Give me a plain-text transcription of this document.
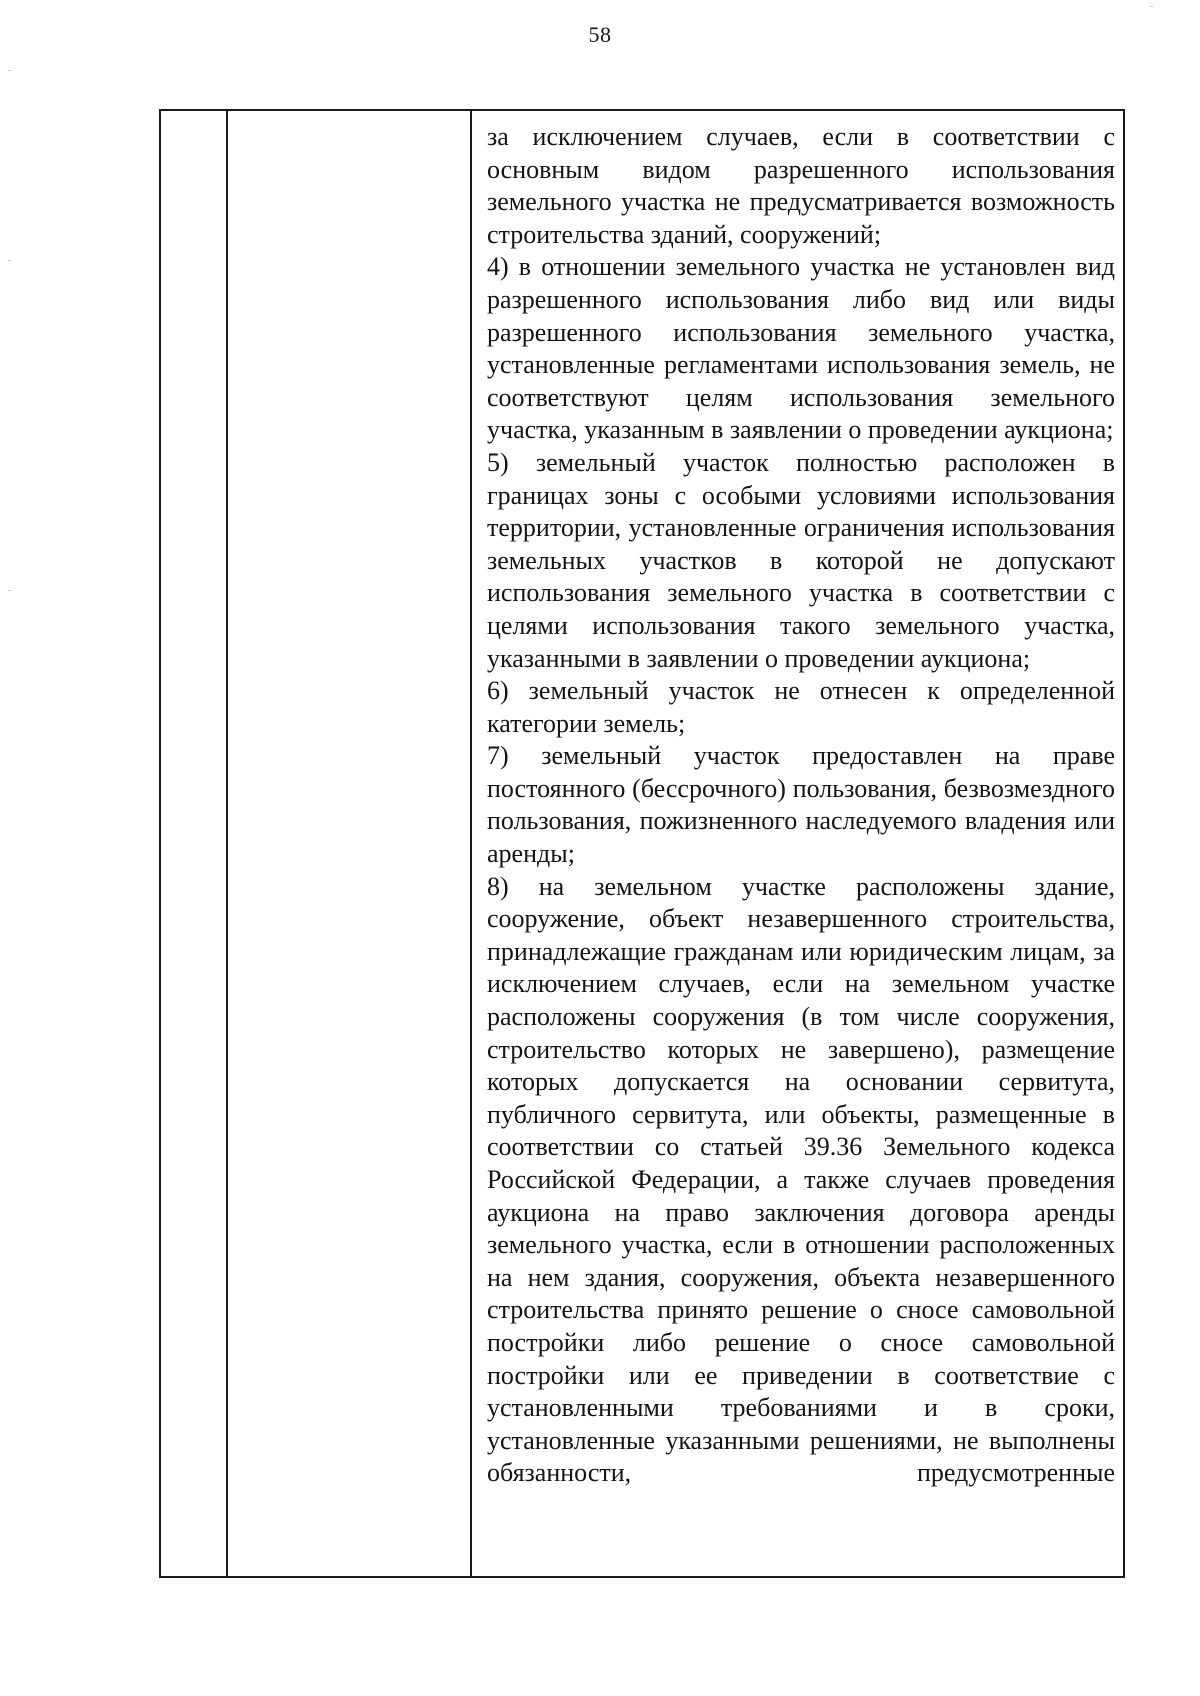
58

за исключением случаев, если в соответствии с основным видом разрешенного использования земельного участка не предусматривается возможность строительства зданий, сооружений;

4) в отношении земельного участка не установлен вид разрешенного использования либо вид или виды разрешенного использования земельного участка, установленные регламентами использования земель, не соответствуют целям использования земельного участка, указанным в заявлении о проведении аукциона;

5) земельный участок полностью расположен в границах зоны с особыми условиями использования территории, установленные ограничения использования земельных участков в которой не допускают использования земельного участка в соответствии с целями использования такого земельного участка, указанными в заявлении о проведении аукциона;

6) земельный участок не отнесен к определенной категории земель;

7) земельный участок предоставлен на праве постоянного (бессрочного) пользования, безвозмездного пользования, пожизненного наследуемого владения или аренды;

8) на земельном участке расположены здание, сооружение, объект незавершенного строительства, принадлежащие гражданам или юридическим лицам, за исключением случаев, если на земельном участке расположены сооружения (в том числе сооружения, строительство которых не завершено), размещение которых допускается на основании сервитута, публичного сервитута, или объекты, размещенные в соответствии со статьей 39.36 Земельного кодекса Российской Федерации, а также случаев проведения аукциона на право заключения договора аренды земельного участка, если в отношении расположенных на нем здания, сооружения, объекта незавершенного строительства принято решение о сносе самовольной постройки либо решение о сносе самовольной постройки или ее приведении в соответствие с установленными требованиями и в сроки, установленные указанными решениями, не выполнены обязанности, предусмотренные
